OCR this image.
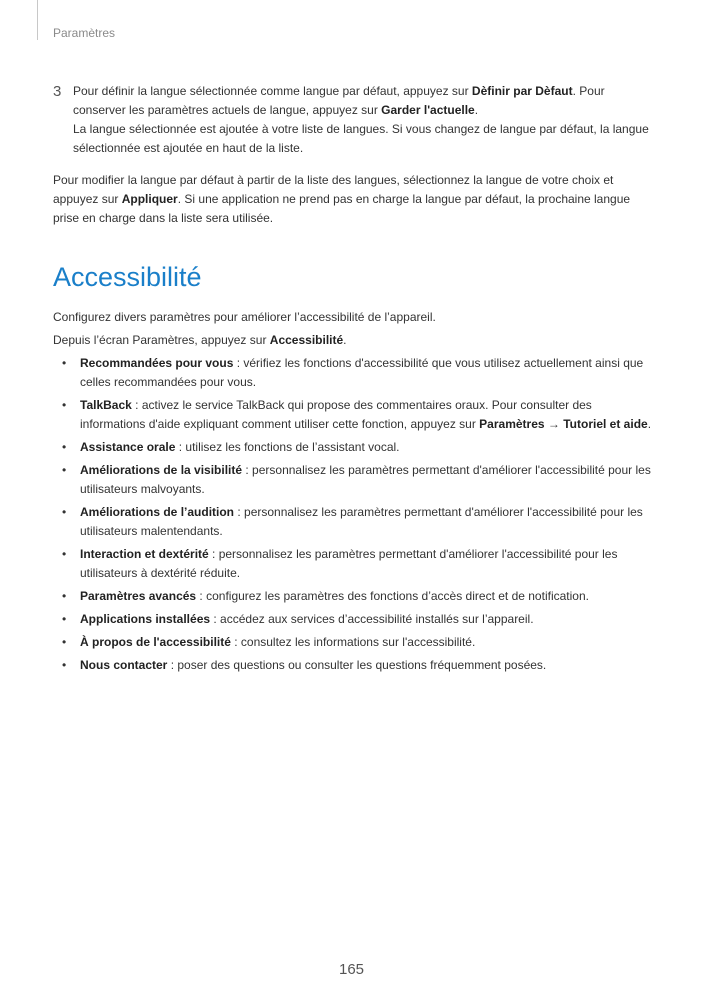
Paramètres
3 Pour définir la langue sélectionnée comme langue par défaut, appuyez sur Dèfinir par Dèfaut. Pour conserver les paramètres actuels de langue, appuyez sur Garder l'actuelle.

La langue sélectionnée est ajoutée à votre liste de langues. Si vous changez de langue par défaut, la langue sélectionnée est ajoutée en haut de la liste.

Pour modifier la langue par défaut à partir de la liste des langues, sélectionnez la langue de votre choix et appuyez sur Appliquer. Si une application ne prend pas en charge la langue par défaut, la prochaine langue prise en charge dans la liste sera utilisée.

Accessibilité

Configurez divers paramètres pour améliorer l’accessibilité de l’appareil.

Depuis l’écran Paramètres, appuyez sur Accessibilité.

• Recommandées pour vous : vérifiez les fonctions d'accessibilité que vous utilisez actuellement ainsi que celles recommandées pour vous.
• TalkBack : activez le service TalkBack qui propose des commentaires oraux. Pour consulter des informations d'aide expliquant comment utiliser cette fonction, appuyez sur Paramètres → Tutoriel et aide.
• Assistance orale : utilisez les fonctions de l’assistant vocal.
• Améliorations de la visibilité : personnalisez les paramètres permettant d'améliorer l'accessibilité pour les utilisateurs malvoyants.
• Améliorations de l’audition : personnalisez les paramètres permettant d'améliorer l'accessibilité pour les utilisateurs malentendants.
• Interaction et dextérité : personnalisez les paramètres permettant d'améliorer l'accessibilité pour les utilisateurs à dextérité réduite.
• Paramètres avancés : configurez les paramètres des fonctions d’accès direct et de notification.
• Applications installées : accédez aux services d’accessibilité installés sur l’appareil.
• À propos de l'accessibilité : consultez les informations sur l'accessibilité.
• Nous contacter : poser des questions ou consulter les questions fréquemment posées.
165
